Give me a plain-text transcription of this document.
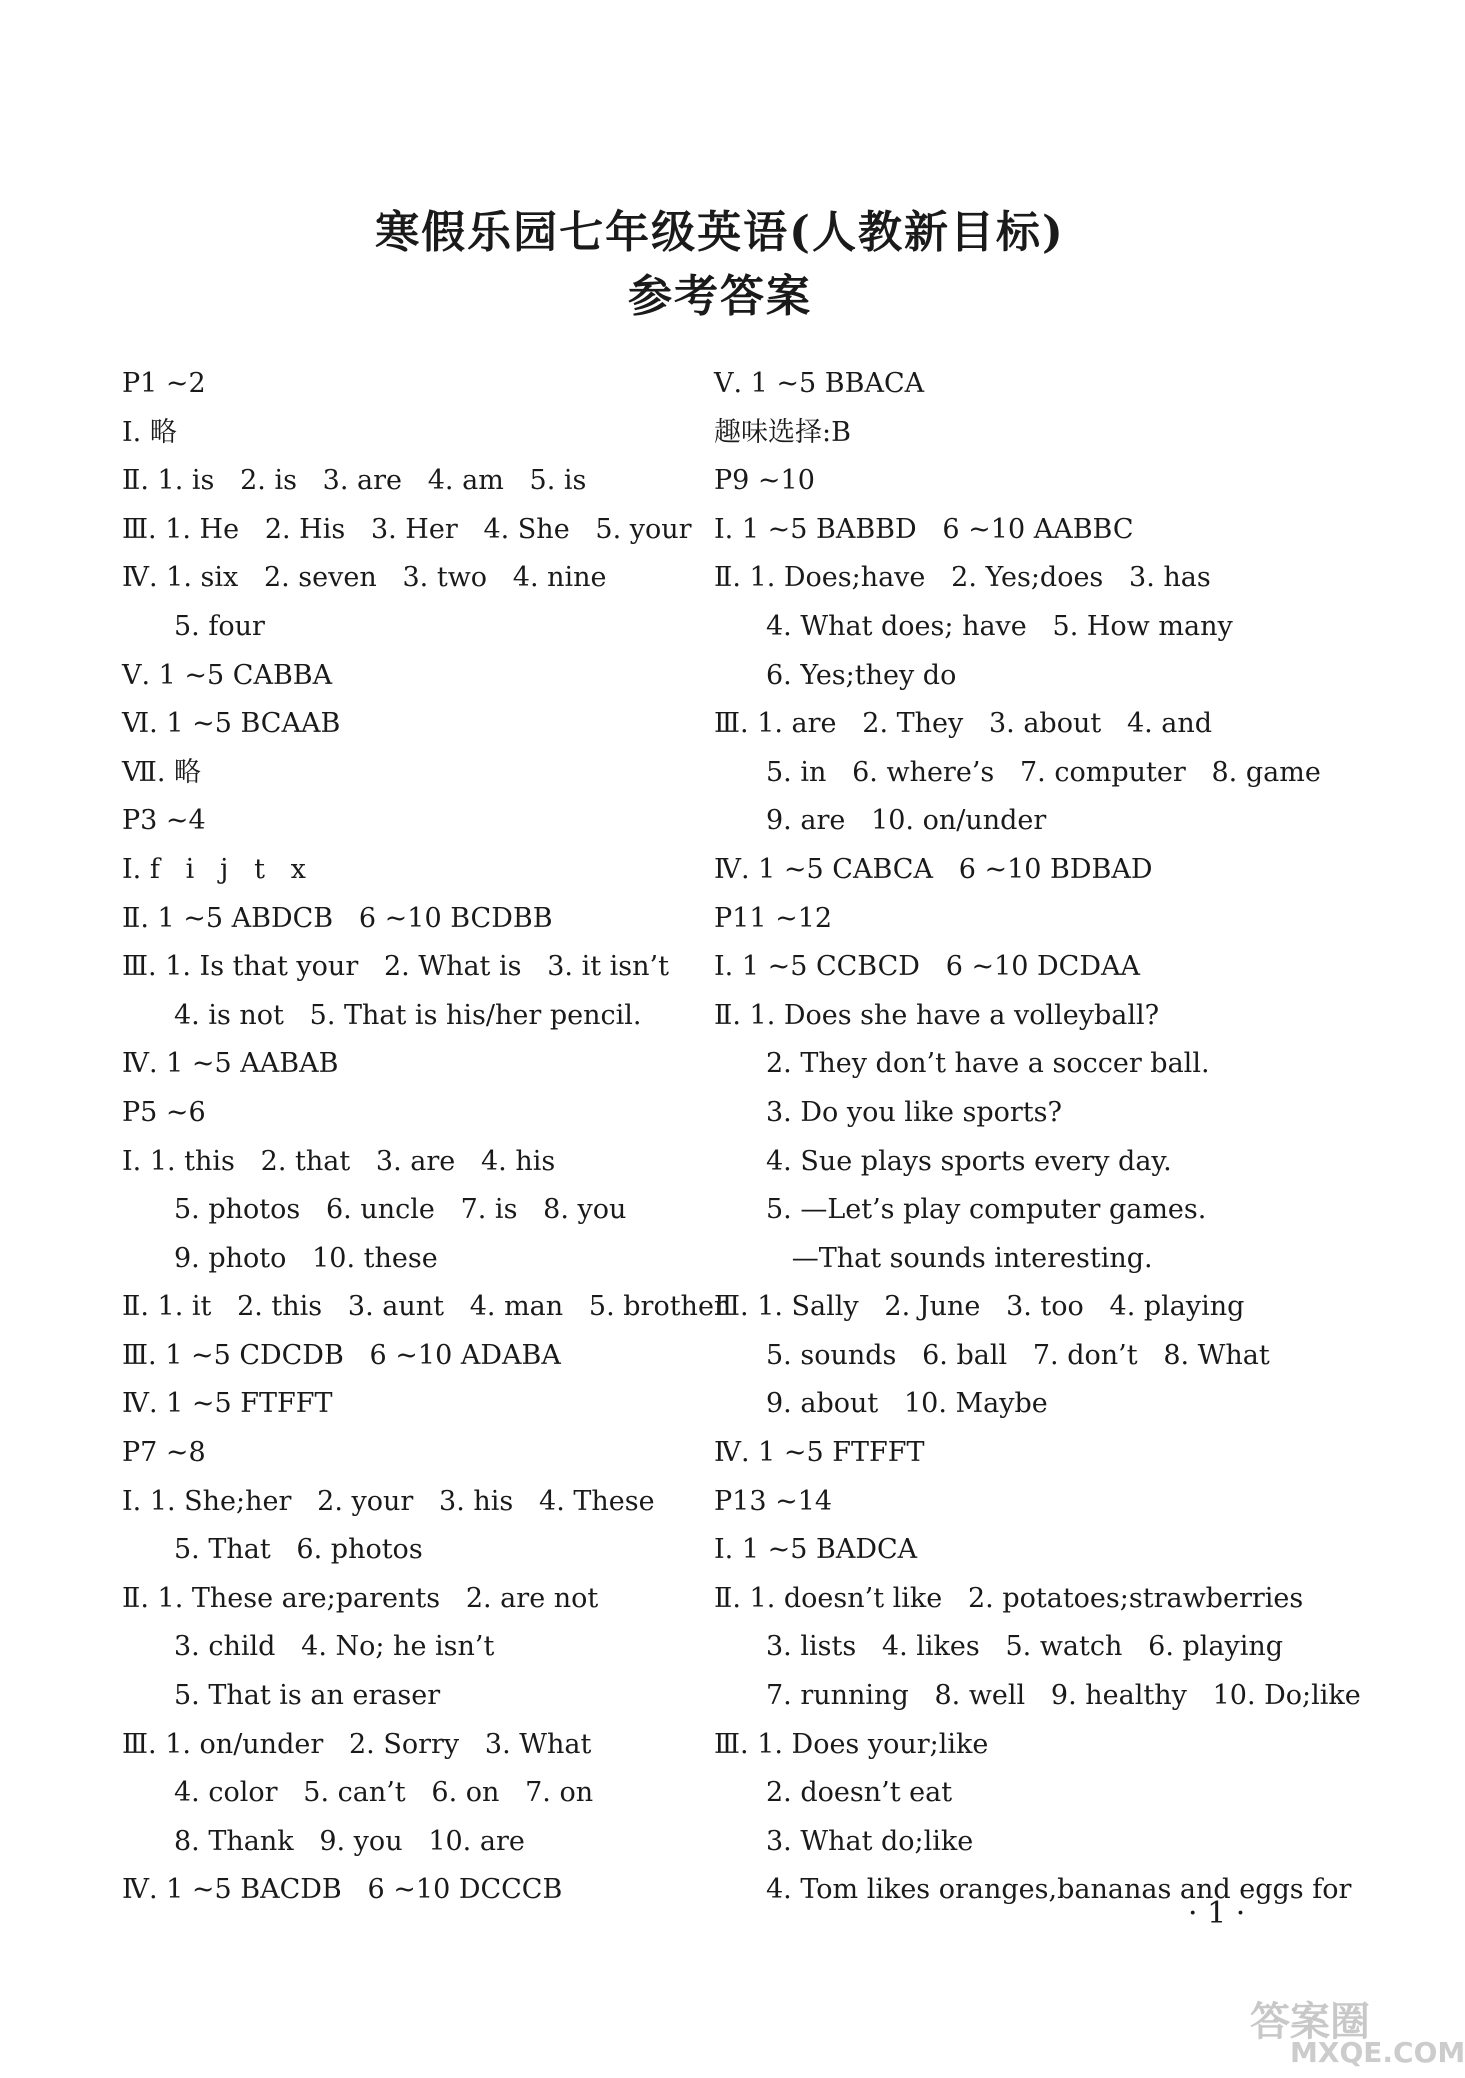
寒假乐园七年级英语(人教新目标)
参考答案
P1 ~2
Ⅰ. 略
Ⅱ. 1. is   2. is   3. are   4. am   5. is
Ⅲ. 1. He   2. His   3. Her   4. She   5. your
Ⅳ. 1. six   2. seven   3. two   4. nine
5. four
Ⅴ. 1 ~5 CABBA
Ⅵ. 1 ~5 BCAAB
Ⅶ. 略
P3 ~4
Ⅰ. f   i   j   t   x
Ⅱ. 1 ~5 ABDCB   6 ~10 BCDBB
Ⅲ. 1. Is that your   2. What is   3. it isn’t
4. is not   5. That is his/her pencil.
Ⅳ. 1 ~5 AABAB
P5 ~6
Ⅰ. 1. this   2. that   3. are   4. his
5. photos   6. uncle   7. is   8. you
9. photo   10. these
Ⅱ. 1. it   2. this   3. aunt   4. man   5. brother
Ⅲ. 1 ~5 CDCDB   6 ~10 ADABA
Ⅳ. 1 ~5 FTFFT
P7 ~8
Ⅰ. 1. She;her   2. your   3. his   4. These
5. That   6. photos
Ⅱ. 1. These are;parents   2. are not
3. child   4. No; he isn’t
5. That is an eraser
Ⅲ. 1. on/under   2. Sorry   3. What
4. color   5. can’t   6. on   7. on
8. Thank   9. you   10. are
Ⅳ. 1 ~5 BACDB   6 ~10 DCCCB
Ⅴ. 1 ~5 BBACA
趣味选择:B
P9 ~10
Ⅰ. 1 ~5 BABBD   6 ~10 AABBC
Ⅱ. 1. Does;have   2. Yes;does   3. has
4. What does; have   5. How many
6. Yes;they do
Ⅲ. 1. are   2. They   3. about   4. and
5. in   6. where’s   7. computer   8. game
9. are   10. on/under
Ⅳ. 1 ~5 CABCA   6 ~10 BDBAD
P11 ~12
Ⅰ. 1 ~5 CCBCD   6 ~10 DCDAA
Ⅱ. 1. Does she have a volleyball?
2. They don’t have a soccer ball.
3. Do you like sports?
4. Sue plays sports every day.
5. —Let’s play computer games.
—That sounds interesting.
Ⅲ. 1. Sally   2. June   3. too   4. playing
5. sounds   6. ball   7. don’t   8. What
9. about   10. Maybe
Ⅳ. 1 ~5 FTFFT
P13 ~14
Ⅰ. 1 ~5 BADCA
Ⅱ. 1. doesn’t like   2. potatoes;strawberries
3. lists   4. likes   5. watch   6. playing
7. running   8. well   9. healthy   10. Do;like
Ⅲ. 1. Does your;like
2. doesn’t eat
3. What do;like
4. Tom likes oranges,bananas and eggs for
· 1 ·
答案圈
MXQE.COM
